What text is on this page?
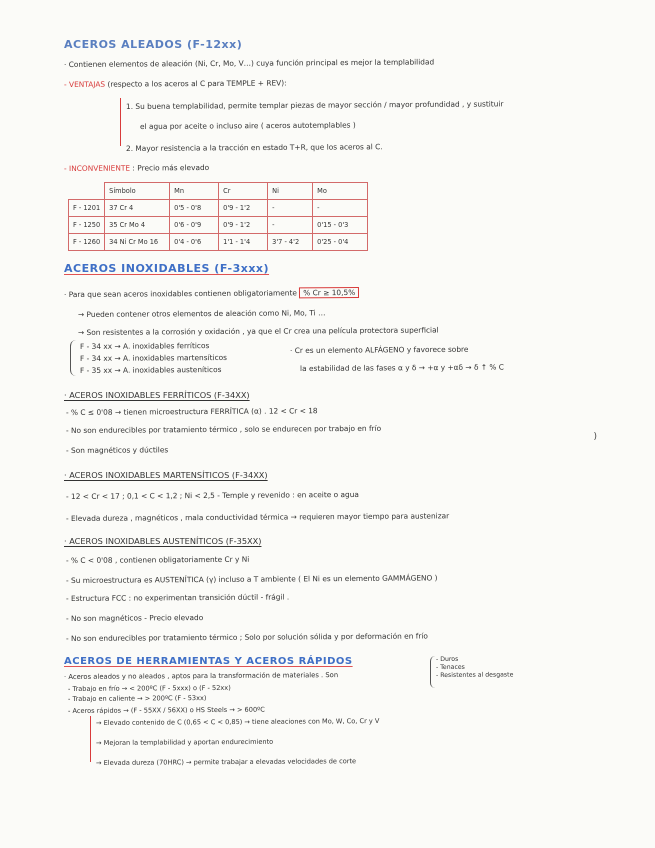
ACEROS ALEADOS (F-12xx)
· Contienen elementos de aleación (Ni, Cr, Mo, V…) cuya función principal es mejor la templabilidad
- VENTAJAS (respecto a los aceros al C para TEMPLE + REV):
1. Su buena templabilidad, permite templar piezas de mayor sección / mayor profundidad , y sustituir
el agua por aceite o incluso aire ( aceros autotemplables )
2. Mayor resistencia a la tracción en estado T+R, que los aceros al C.
- INCONVENIENTE : Precio más elevado
	Símbolo	Mn	Cr	Ni	Mo
F - 1201	37 Cr 4	0'5 - 0'8	0'9 - 1'2	-	-
F - 1250	35 Cr Mo 4	0'6 - 0'9	0'9 - 1'2	-	0'15 - 0'3
F - 1260	34 Ni Cr Mo 16	0'4 - 0'6	1'1 - 1'4	3'7 - 4'2	0'25 - 0'4
ACEROS INOXIDABLES (F-3xxx)
· Para que sean aceros inoxidables contienen obligatoriamente % Cr ≥ 10,5%
→ Pueden contener otros elementos de aleación como Ni, Mo, Ti …
→ Son resistentes a la corrosión y oxidación , ya que el Cr crea una película protectora superficial
F - 34 xx → A. inoxidables ferríticos
F - 34 xx → A. inoxidables martensíticos
F - 35 xx → A. inoxidables austeníticos
· Cr es un elemento ALFÁGENO y favorece sobre
la estabilidad de las fases α y δ → +α y +αδ → δ ↑ % C
· ACEROS INOXIDABLES FERRÍTICOS (F-34XX)
- % C ≤ 0'08 → tienen microestructura FERRÍTICA (α) . 12 < Cr < 18
- No son endurecibles por tratamiento térmico , solo se endurecen por trabajo en frío
- Son magnéticos y dúctiles
)
· ACEROS INOXIDABLES MARTENSÍTICOS (F-34XX)
- 12 < Cr < 17 ; 0,1 < C < 1,2 ; Ni < 2,5 - Temple y revenido : en aceite o agua
- Elevada dureza , magnéticos , mala conductividad térmica → requieren mayor tiempo para austenizar
· ACEROS INOXIDABLES AUSTENÍTICOS (F-35XX)
- % C < 0'08 , contienen obligatoriamente Cr y Ni
- Su microestructura es AUSTENÍTICA (γ) incluso a T ambiente ( El Ni es un elemento GAMMÁGENO )
- Estructura FCC : no experimentan transición dúctil - frágil .
- No son magnéticos - Precio elevado
- No son endurecibles por tratamiento térmico ; Solo por solución sólida y por deformación en frío
ACEROS DE HERRAMIENTAS Y ACEROS RÁPIDOS
· Aceros aleados y no aleados , aptos para la transformación de materiales . Son
- Duros
- Tenaces
- Resistentes al desgaste
- Trabajo en frío → < 200ºC (F - 5xxx) o (F - 52xx)
- Trabajo en caliente → > 200ºC (F - 53xx)
- Aceros rápidos → (F - 55XX / 56XX) o HS Steels → > 600ºC
→ Elevado contenido de C (0,65 < C < 0,85) → tiene aleaciones con Mo, W, Co, Cr y V
→ Mejoran la templabilidad y aportan endurecimiento
→ Elevada dureza (70HRC) → permite trabajar a elevadas velocidades de corte
